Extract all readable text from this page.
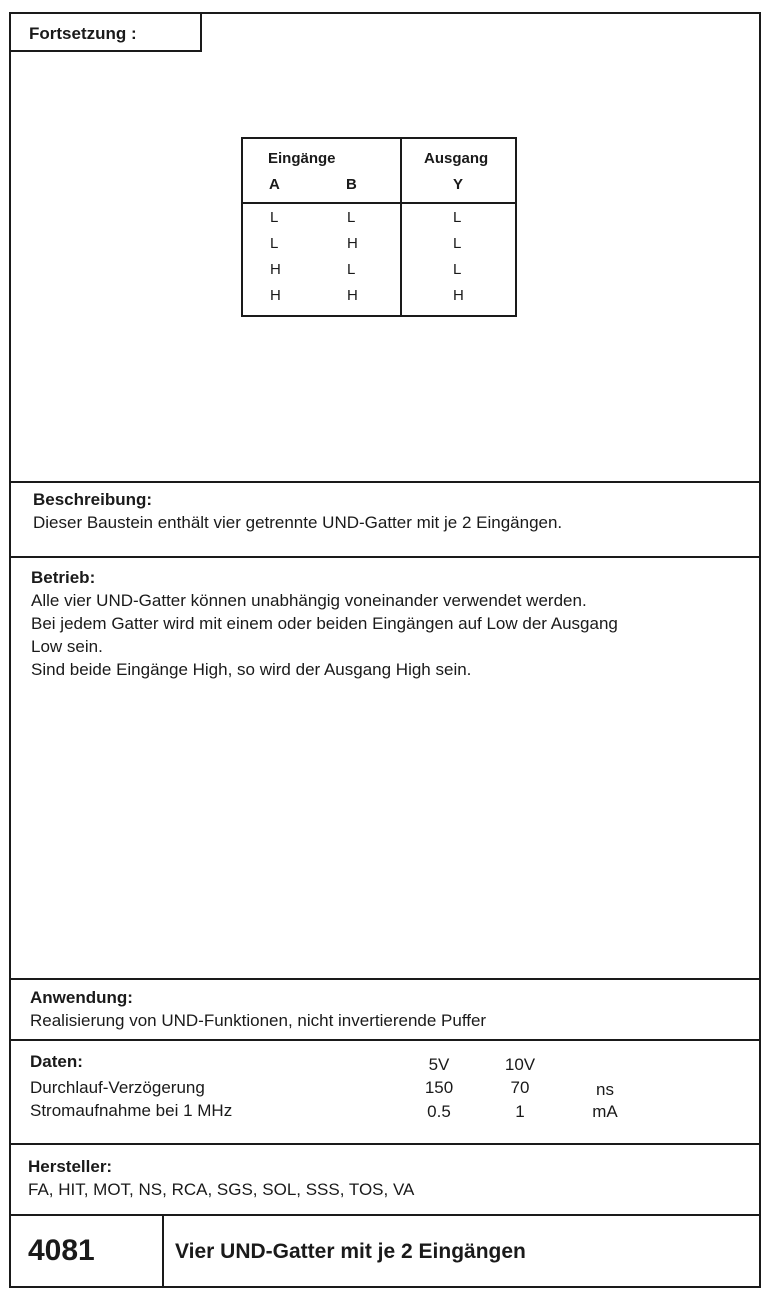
Fortsetzung :
Eingänge	Ausgang
A	B	Y
L	L	L
L	H	L
H	L	L
H	H	H
Beschreibung:
Dieser Baustein enthält vier getrennte UND-Gatter mit je 2 Eingängen.
Betrieb:
Alle vier UND-Gatter können unabhängig voneinander verwendet werden.
Bei jedem Gatter wird mit einem oder beiden Eingängen auf Low der Ausgang
Low sein.
Sind beide Eingänge High, so wird der Ausgang High sein.
Anwendung:
Realisierung von UND-Funktionen, nicht invertierende Puffer
Daten:	5V	10V
Durchlauf-Verzögerung	150	70	ns
Stromaufnahme bei 1 MHz	0.5	1	mA
Hersteller:
FA, HIT, MOT, NS, RCA, SGS, SOL, SSS, TOS, VA
4081	Vier UND-Gatter mit je 2 Eingängen
